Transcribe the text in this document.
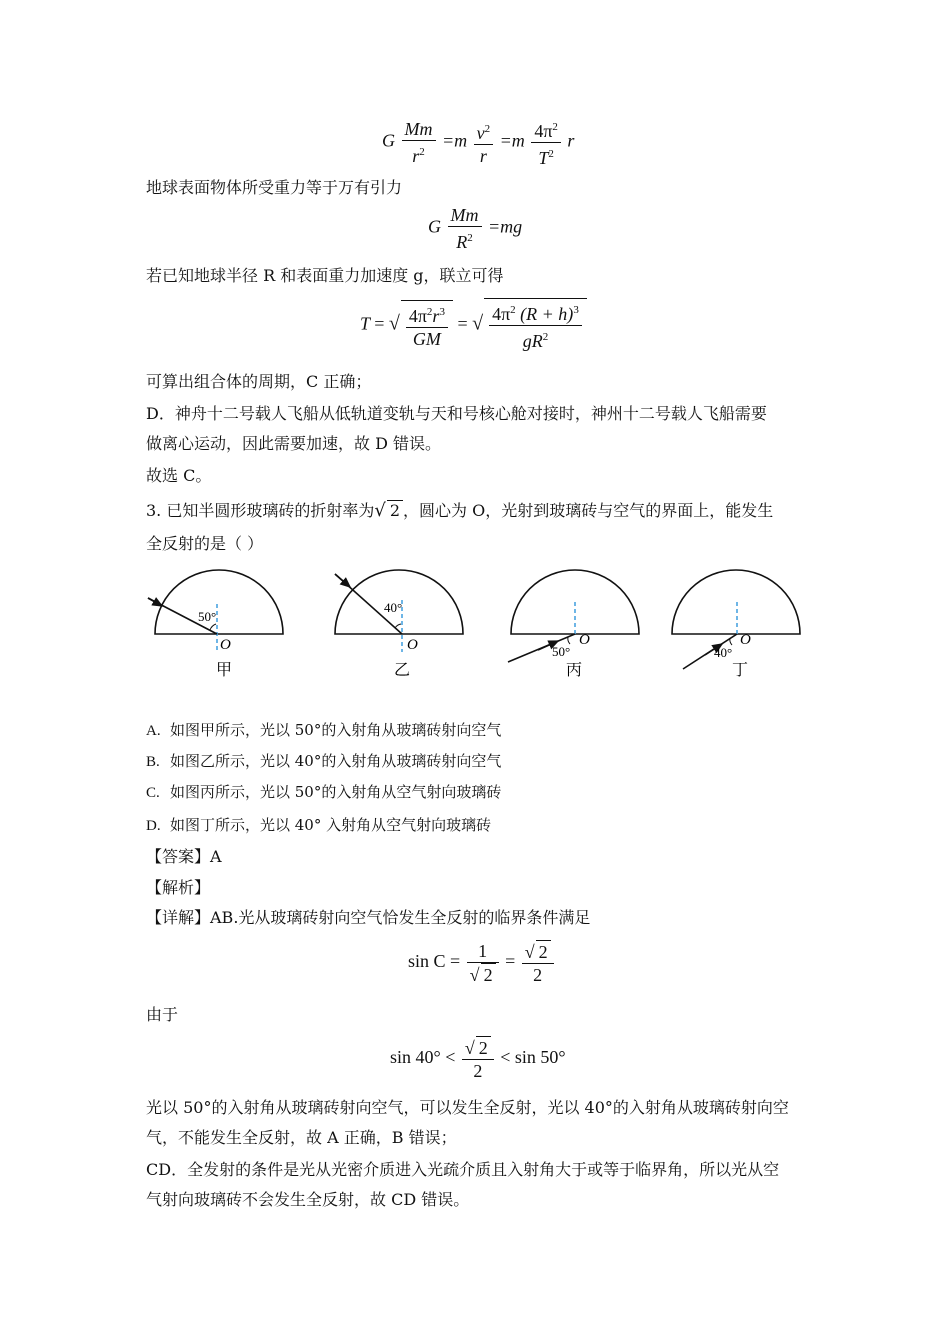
G $\frac{Mm}{r^2} =m \frac{v^2}{r} =m \frac{4\pi^2}{T^2}$ r
地球表面物体所受重力等于万有引力
G $\frac{Mm}{R^2} =mg$
若已知地球半径 R 和表面重力加速度 g，联立可得
T = √ $\frac{4\pi^2r^3}{GM}$ = √ $\frac{4\pi^2 (R + h)^3}{gR^2}$
可算出组合体的周期，C 正确；
D．神舟十二号载人飞船从低轨道变轨与天和号核心舱对接时，神州十二号载人飞船需要
做离心运动，因此需要加速，故 D 错误。
故选 C。
3. 已知半圆形玻璃砖的折射率为√ 2 ，圆心为 O，光射到玻璃砖与空气的界面上，能发生
全反射的是（ ）
50°
O
甲
40°
O
乙
50°
O
丙
40°
O
丁
A. 如图甲所示，光以 50°的入射角从玻璃砖射向空气
B. 如图乙所示，光以 40°的入射角从玻璃砖射向空气
C. 如图丙所示，光以 50°的入射角从空气射向玻璃砖
D. 如图丁所示，光以 40° 入射角从空气射向玻璃砖
【答案】A
【解析】
【详解】AB.光从玻璃砖射向空气恰发生全反射的临界条件满足
$\sin C = \frac{1}{√ 2} = \frac{√ 2}{2}$
由于
$\sin 40^\circ < \frac{√ 2}{2} < \sin 50^\circ$
光以 50°的入射角从玻璃砖射向空气，可以发生全反射，光以 40°的入射角从玻璃砖射向空
气，不能发生全反射，故 A 正确，B 错误；
CD．全发射的条件是光从光密介质进入光疏介质且入射角大于或等于临界角，所以光从空
气射向玻璃砖不会发生全反射，故 CD 错误。
